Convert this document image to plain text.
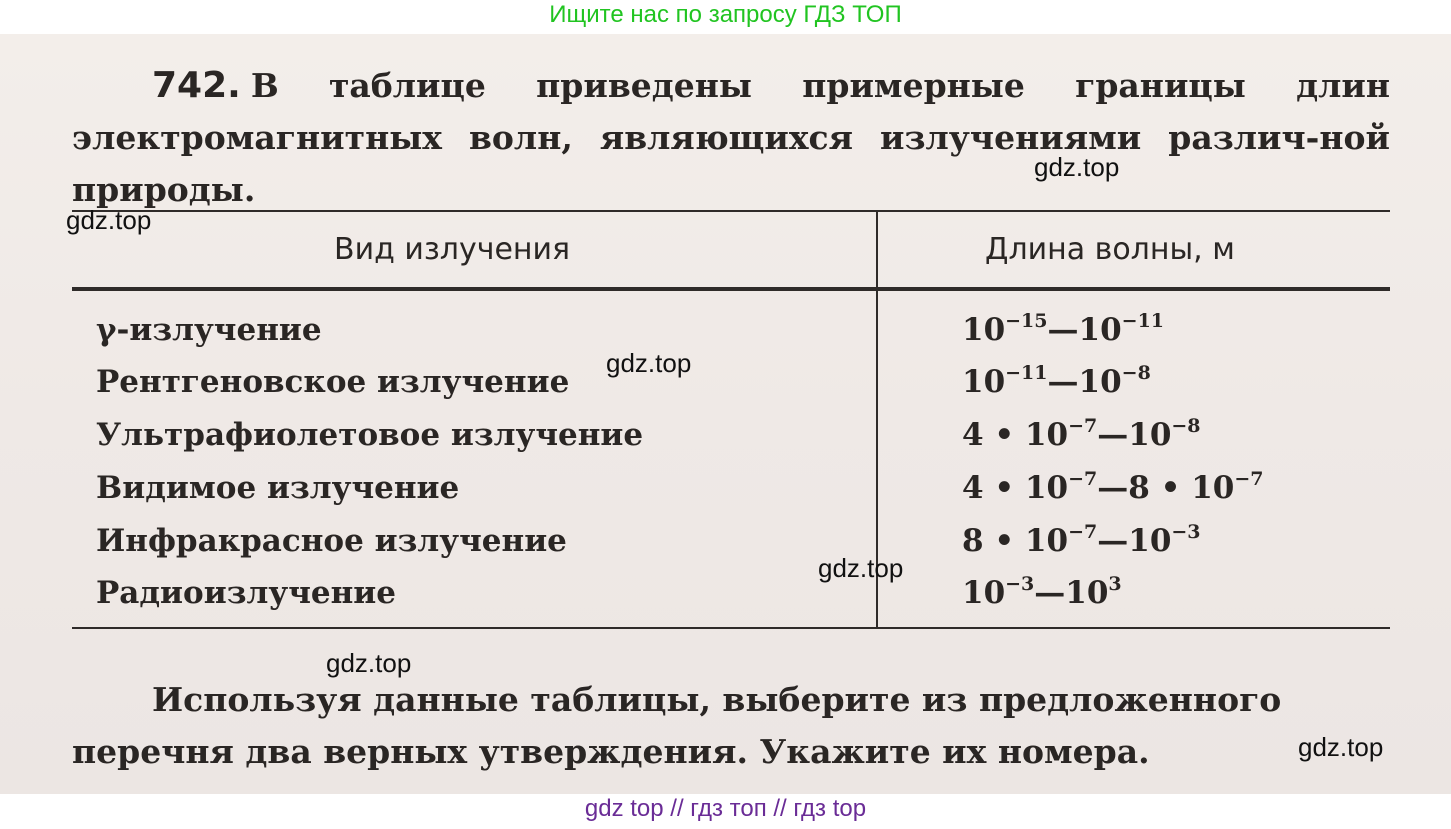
Ищите нас по запросу ГДЗ ТОП
742. В таблице приведены примерные границы длин электромагнитных волн, являющихся излучениями различ-ной природы.
Вид излучения	Длина волны, м
γ-излучение	$10^{-15}—10^{-11}$
Рентгеновское излучение	$10^{-11}—10^{-8}$
Ультрафиолетовое излучение	4 • $10^{-7}—10^{-8}$
Видимое излучение	4 • $10^{-7}—8$ • $10^{-7}$
Инфракрасное излучение	8 • $10^{-7}—10^{-3}$
Радиоизлучение	$10^{-3}—10^3$
Используя данные таблицы, выберите из предложенного
перечня два верных утверждения. Укажите их номера.
gdz.top
gdz.top
gdz.top
gdz.top
gdz.top
gdz.top
gdz top // гдз топ // гдз top
